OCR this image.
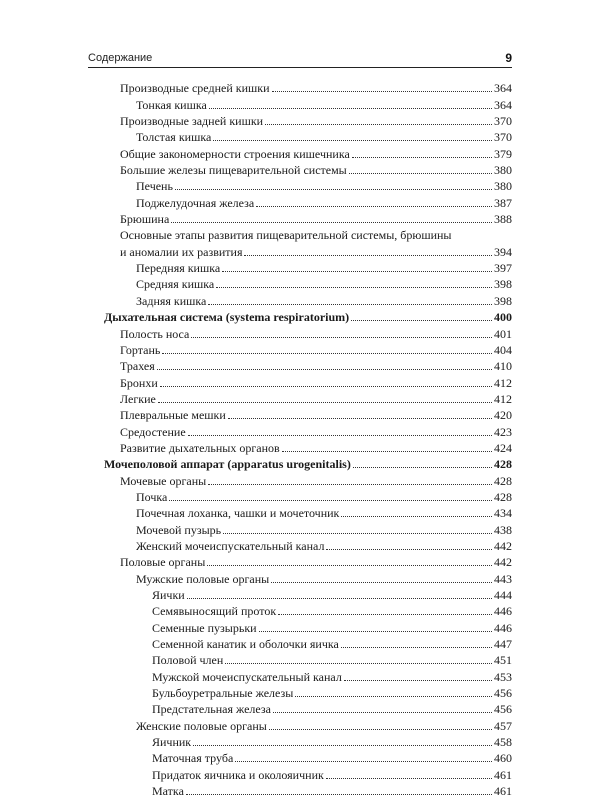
Содержание	9
Производные средней кишки	364
Тонкая кишка	364
Производные задней кишки	370
Толстая кишка	370
Общие закономерности строения кишечника	379
Большие железы пищеварительной системы	380
Печень	380
Поджелудочная железа	387
Брюшина	388
Основные этапы развития пищеварительной системы, брюшины
и аномалии их развития	394
Передняя кишка	397
Средняя кишка	398
Задняя кишка	398
Дыхательная система (systema respiratorium)	400
Полость носа	401
Гортань	404
Трахея	410
Бронхи	412
Легкие	412
Плевральные мешки	420
Средостение	423
Развитие дыхательных органов	424
Мочеполовой аппарат (apparatus urogenitalis)	428
Мочевые органы	428
Почка	428
Почечная лоханка, чашки и мочеточник	434
Мочевой пузырь	438
Женский мочеиспускательный канал	442
Половые органы	442
Мужские половые органы	443
Яички	444
Семявыносящий проток	446
Семенные пузырьки	446
Семенной канатик и оболочки яичка	447
Половой член	451
Мужской мочеиспускательный канал	453
Бульбоуретральные железы	456
Предстательная железа	456
Женские половые органы	457
Яичник	458
Маточная труба	460
Придаток яичника и околояичник	461
Матка	461
